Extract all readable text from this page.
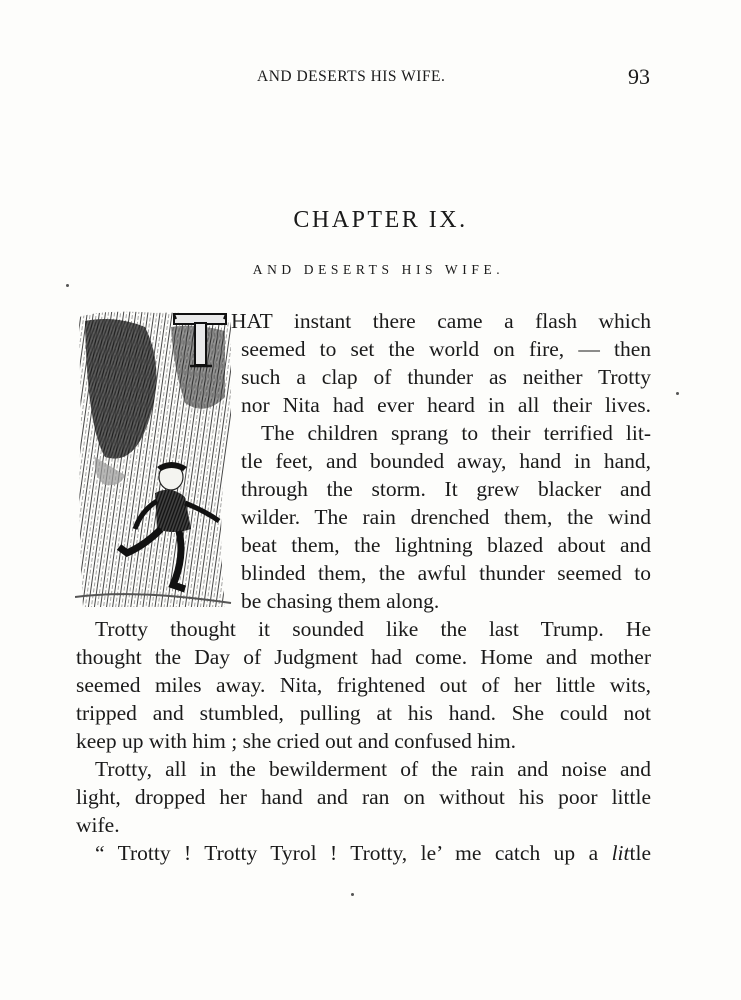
AND DESERTS HIS WIFE.	93
CHAPTER IX.
AND DESERTS HIS WIFE.
HAT instant there came a flash which
seemed to set the world on fire, — then
such a clap of thunder as neither Trotty
nor Nita had ever heard in all their lives.
The children sprang to their terrified lit-
tle feet, and bounded away, hand in hand,
through the storm. It grew blacker and
wilder. The rain drenched them, the wind
beat them, the lightning blazed about and
blinded them, the awful thunder seemed to
be chasing them along.
Trotty thought it sounded like the last Trump. He
thought the Day of Judgment had come. Home and mother
seemed miles away. Nita, frightened out of her little wits,
tripped and stumbled, pulling at his hand. She could not
keep up with him ; she cried out and confused him.
Trotty, all in the bewilderment of the rain and noise and
light, dropped her hand and ran on without his poor little
wife.
“ Trotty ! Trotty Tyrol ! Trotty, le’ me catch up a little
